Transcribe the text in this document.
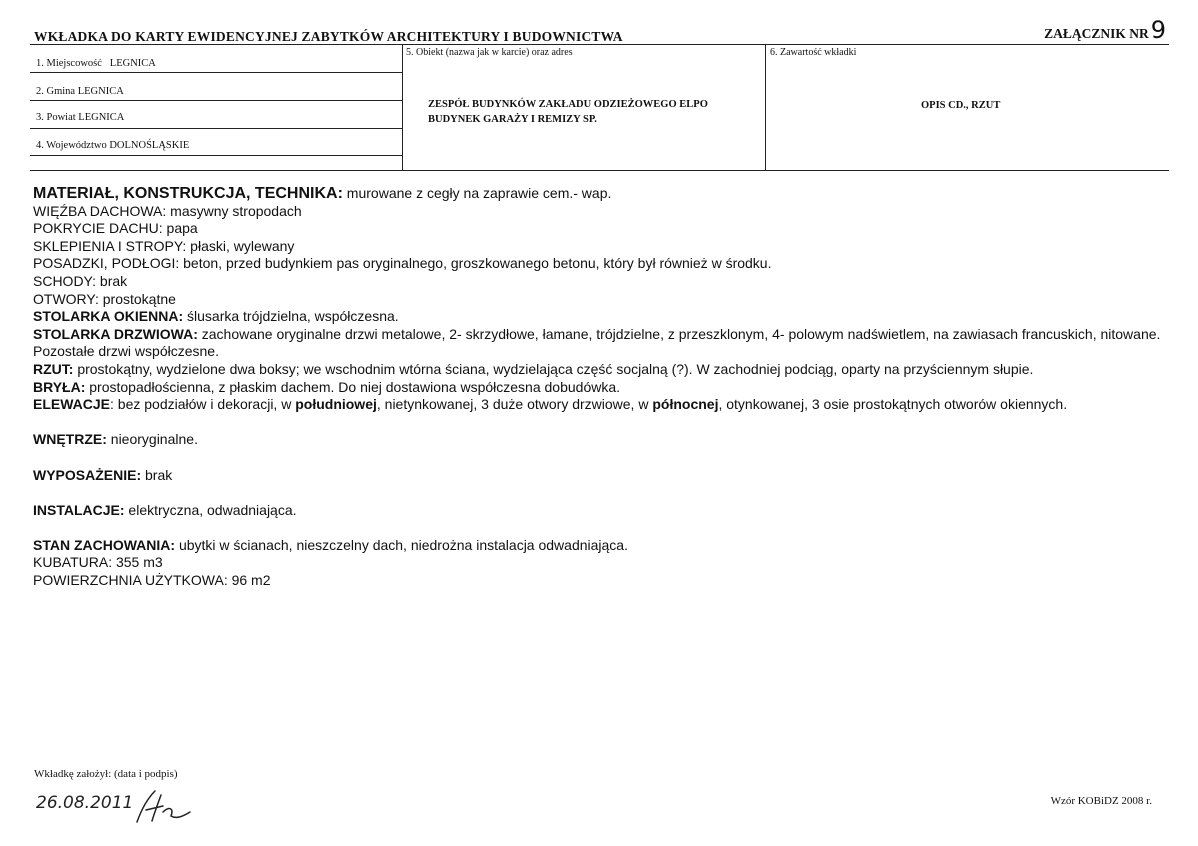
WKŁADKA DO KARTY EWIDENCYJNEJ ZABYTKÓW ARCHITEKTURY I BUDOWNICTWA	ZAŁĄCZNIK NR 9
1. Miejscowość LEGNICA
2. Gmina LEGNICA
3. Powiat LEGNICA
4. Województwo DOLNOŚLĄSKIE
5. Obiekt (nazwa jak w karcie) oraz adres
ZESPÓŁ BUDYNKÓW ZAKŁADU ODZIEŻOWEGO ELPO
BUDYNEK GARAŻY I REMIZY SP.
6. Zawartość wkładki
OPIS CD., RZUT

MATERIAŁ, KONSTRUKCJA, TECHNIKA: murowane z cegły na zaprawie cem.- wap.

WIĘŹBA DACHOWA: masywny stropodach

POKRYCIE DACHU: papa

SKLEPIENIA I STROPY: płaski, wylewany

POSADZKI, PODŁOGI: beton, przed budynkiem pas oryginalnego, groszkowanego betonu, który był również w środku.

SCHODY: brak

OTWORY: prostokątne

STOLARKA OKIENNA: ślusarka trójdzielna, współczesna.

STOLARKA DRZWIOWA: zachowane oryginalne drzwi metalowe, 2- skrzydłowe, łamane, trójdzielne, z przeszklonym, 4- polowym nadświetlem, na zawiasach francuskich, nitowane. Pozostałe drzwi współczesne.

RZUT: prostokątny, wydzielone dwa boksy; we wschodnim wtórna ściana, wydzielająca część socjalną (?). W zachodniej podciąg, oparty na przyściennym słupie.

BRYŁA: prostopadłościenna, z płaskim dachem. Do niej dostawiona współczesna dobudówka.

ELEWACJE: bez podziałów i dekoracji, w południowej, nietynkowanej, 3 duże otwory drzwiowe, w północnej, otynkowanej, 3 osie prostokątnych otworów okiennych.

WNĘTRZE: nieoryginalne.

WYPOSAŻENIE: brak

INSTALACJE: elektryczna, odwadniająca.

STAN ZACHOWANIA: ubytki w ścianach, nieszczelny dach, niedrożna instalacja odwadniająca.

KUBATURA: 355 m3

POWIERZCHNIA UŻYTKOWA: 96 m2

Wkładkę założył: (data i podpis)
26.08.2011	Wzór KOBiDZ 2008 r.
